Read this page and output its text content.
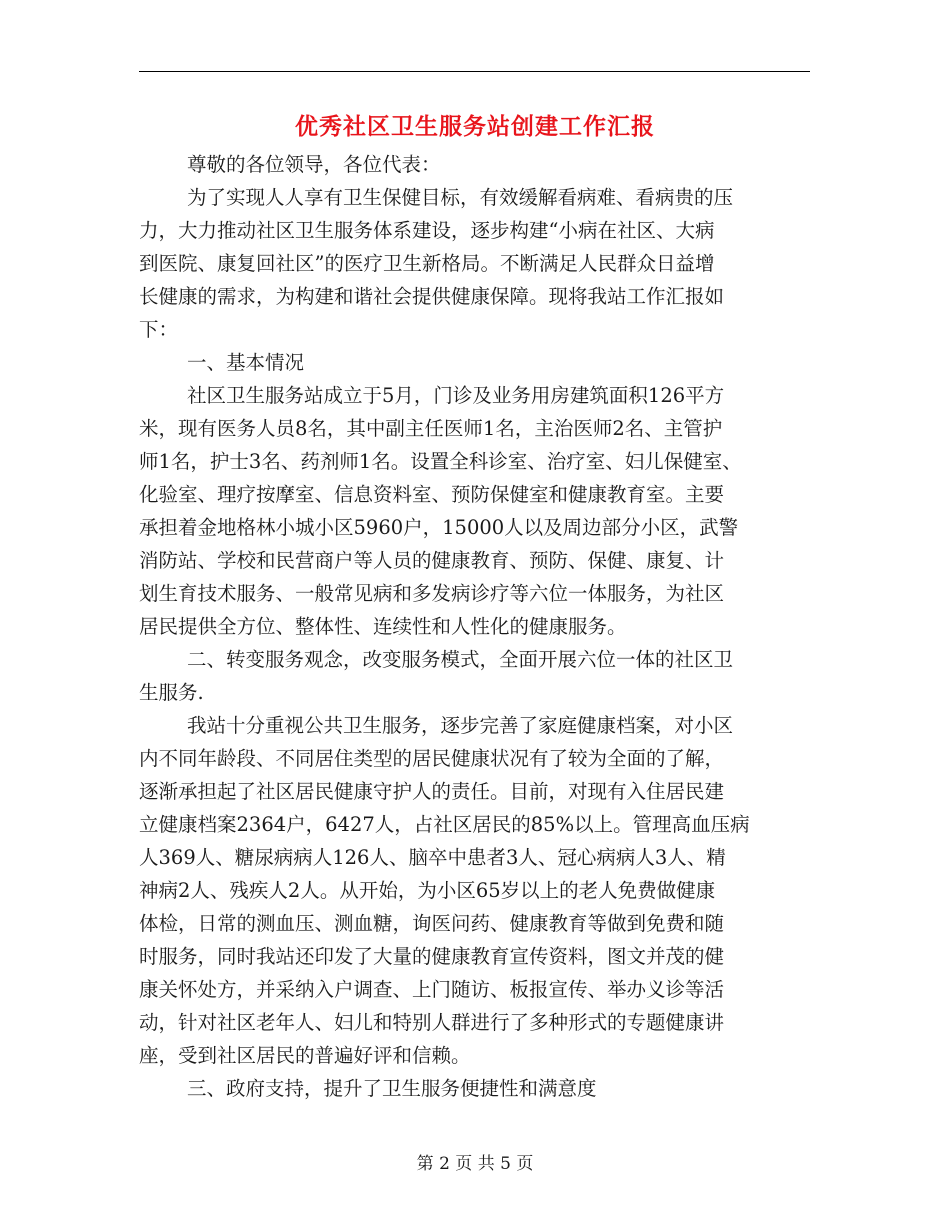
优秀社区卫生服务站创建工作汇报
尊敬的各位领导，各位代表：
为了实现人人享有卫生保健目标，有效缓解看病难、看病贵的压
力，大力推动社区卫生服务体系建设，逐步构建“小病在社区、大病
到医院、康复回社区”的医疗卫生新格局。不断满足人民群众日益增
长健康的需求，为构建和谐社会提供健康保障。现将我站工作汇报如
下：
一、基本情况
社区卫生服务站成立于5月，门诊及业务用房建筑面积126平方
米，现有医务人员8名，其中副主任医师1名，主治医师2名、主管护
师1名，护士3名、药剂师1名。设置全科诊室、治疗室、妇儿保健室、
化验室、理疗按摩室、信息资料室、预防保健室和健康教育室。主要
承担着金地格林小城小区5960户，15000人以及周边部分小区，武警
消防站、学校和民营商户等人员的健康教育、预防、保健、康复、计
划生育技术服务、一般常见病和多发病诊疗等六位一体服务，为社区
居民提供全方位、整体性、连续性和人性化的健康服务。
二、转变服务观念，改变服务模式，全面开展六位一体的社区卫
生服务.
我站十分重视公共卫生服务，逐步完善了家庭健康档案，对小区
内不同年龄段、不同居住类型的居民健康状况有了较为全面的了解，
逐渐承担起了社区居民健康守护人的责任。目前，对现有入住居民建
立健康档案2364户，6427人，占社区居民的85%以上。管理高血压病
人369人、糖尿病病人126人、脑卒中患者3人、冠心病病人3人、精
神病2人、残疾人2人。从开始，为小区65岁以上的老人免费做健康
体检，日常的测血压、测血糖，询医问药、健康教育等做到免费和随
时服务，同时我站还印发了大量的健康教育宣传资料，图文并茂的健
康关怀处方，并采纳入户调查、上门随访、板报宣传、举办义诊等活
动，针对社区老年人、妇儿和特别人群进行了多种形式的专题健康讲
座，受到社区居民的普遍好评和信赖。
三、政府支持，提升了卫生服务便捷性和满意度
第 2 页 共 5 页
